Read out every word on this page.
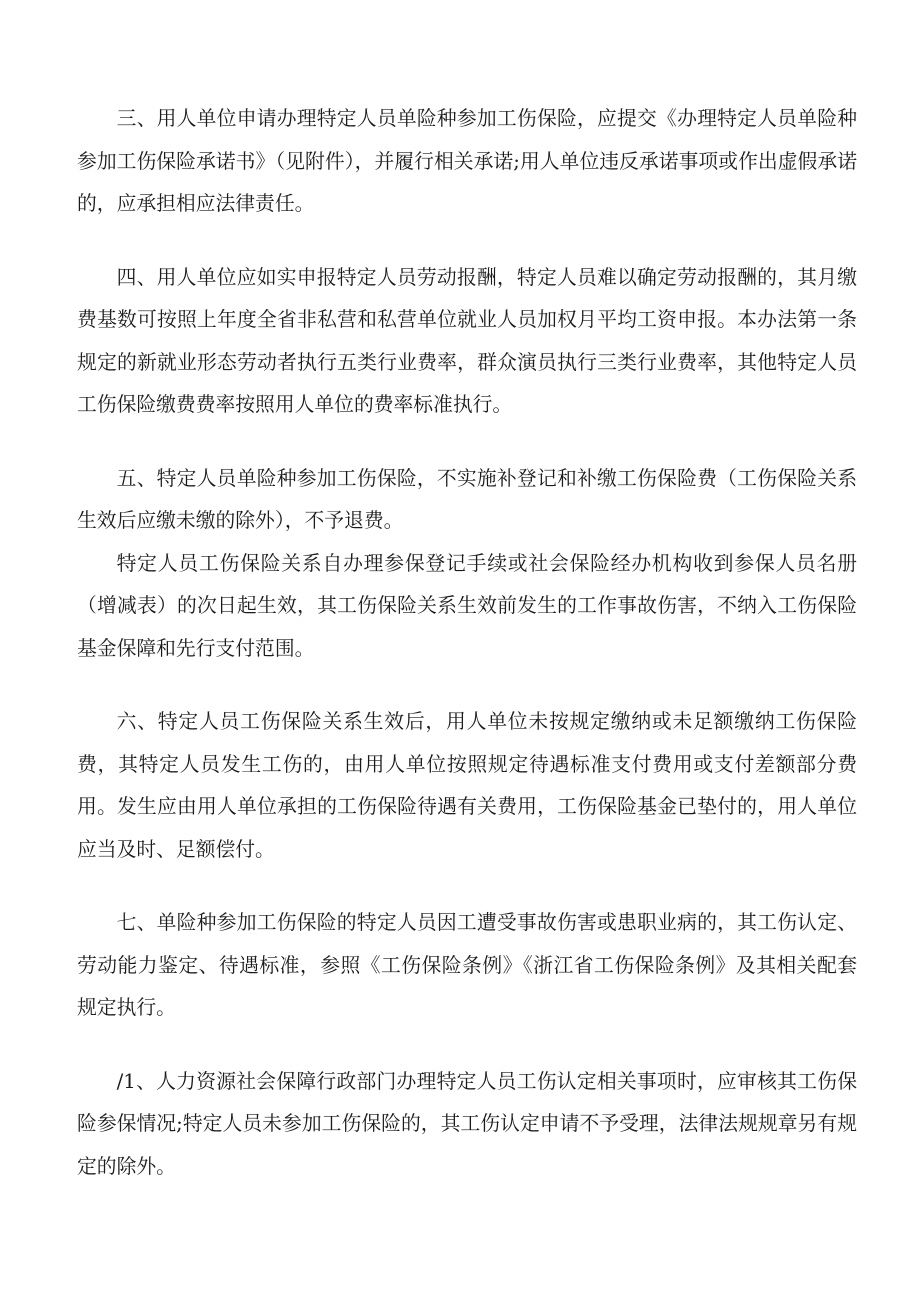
三、用人单位申请办理特定人员单险种参加工伤保险，应提交《办理特定人员单险种参加工伤保险承诺书》（见附件），并履行相关承诺;用人单位违反承诺事项或作出虚假承诺的，应承担相应法律责任。

四、用人单位应如实申报特定人员劳动报酬，特定人员难以确定劳动报酬的，其月缴费基数可按照上年度全省非私营和私营单位就业人员加权月平均工资申报。本办法第一条规定的新就业形态劳动者执行五类行业费率，群众演员执行三类行业费率，其他特定人员工伤保险缴费费率按照用人单位的费率标准执行。

五、特定人员单险种参加工伤保险，不实施补登记和补缴工伤保险费（工伤保险关系生效后应缴未缴的除外），不予退费。

特定人员工伤保险关系自办理参保登记手续或社会保险经办机构收到参保人员名册（增减表）的次日起生效，其工伤保险关系生效前发生的工作事故伤害，不纳入工伤保险基金保障和先行支付范围。

六、特定人员工伤保险关系生效后，用人单位未按规定缴纳或未足额缴纳工伤保险费，其特定人员发生工伤的，由用人单位按照规定待遇标准支付费用或支付差额部分费用。发生应由用人单位承担的工伤保险待遇有关费用，工伤保险基金已垫付的，用人单位应当及时、足额偿付。

七、单险种参加工伤保险的特定人员因工遭受事故伤害或患职业病的，其工伤认定、劳动能力鉴定、待遇标准，参照《工伤保险条例》《浙江省工伤保险条例》及其相关配套规定执行。

/1、人力资源社会保障行政部门办理特定人员工伤认定相关事项时，应审核其工伤保险参保情况;特定人员未参加工伤保险的，其工伤认定申请不予受理，法律法规规章另有规定的除外。
